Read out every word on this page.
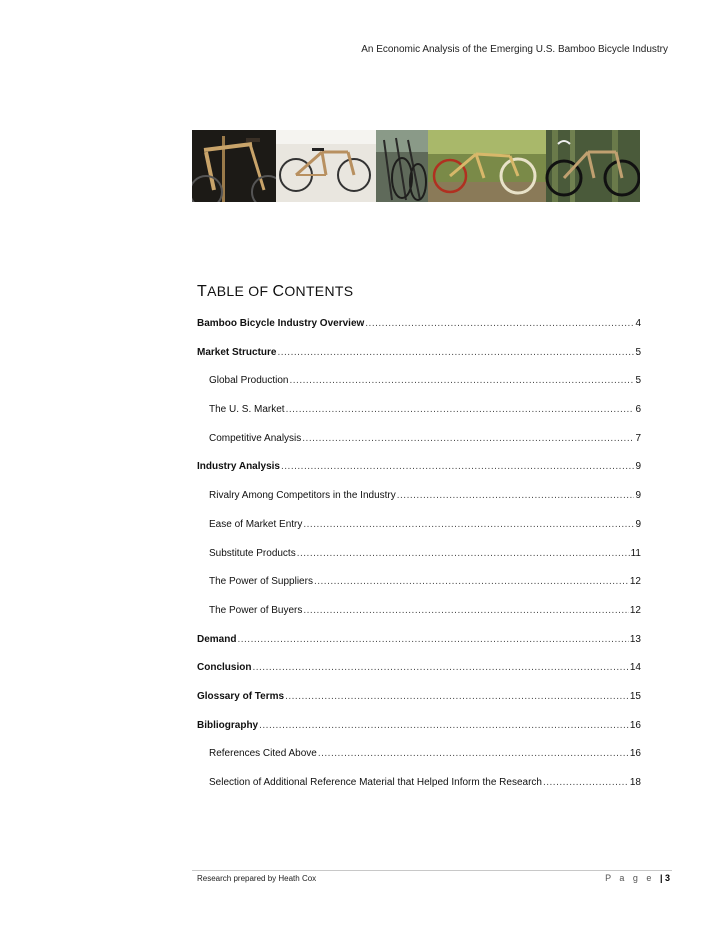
An Economic Analysis of the Emerging U.S. Bamboo Bicycle Industry
TABLE OF CONTENTS
Bamboo Bicycle Industry Overview .....	4
Market Structure .....	5
Global Production .....	5
The U. S. Market .....	6
Competitive Analysis .....	7
Industry Analysis .....	9
Rivalry Among Competitors in the Industry .....	9
Ease of Market Entry .....	9
Substitute Products .....	11
The Power of Suppliers .....	12
The Power of Buyers .....	12
Demand .....	13
Conclusion .....	14
Glossary of Terms .....	15
Bibliography .....	16
References Cited Above .....	16
Selection of Additional Reference Material that Helped Inform the Research .....	18
Research prepared by Heath Cox	P a g e | 3
